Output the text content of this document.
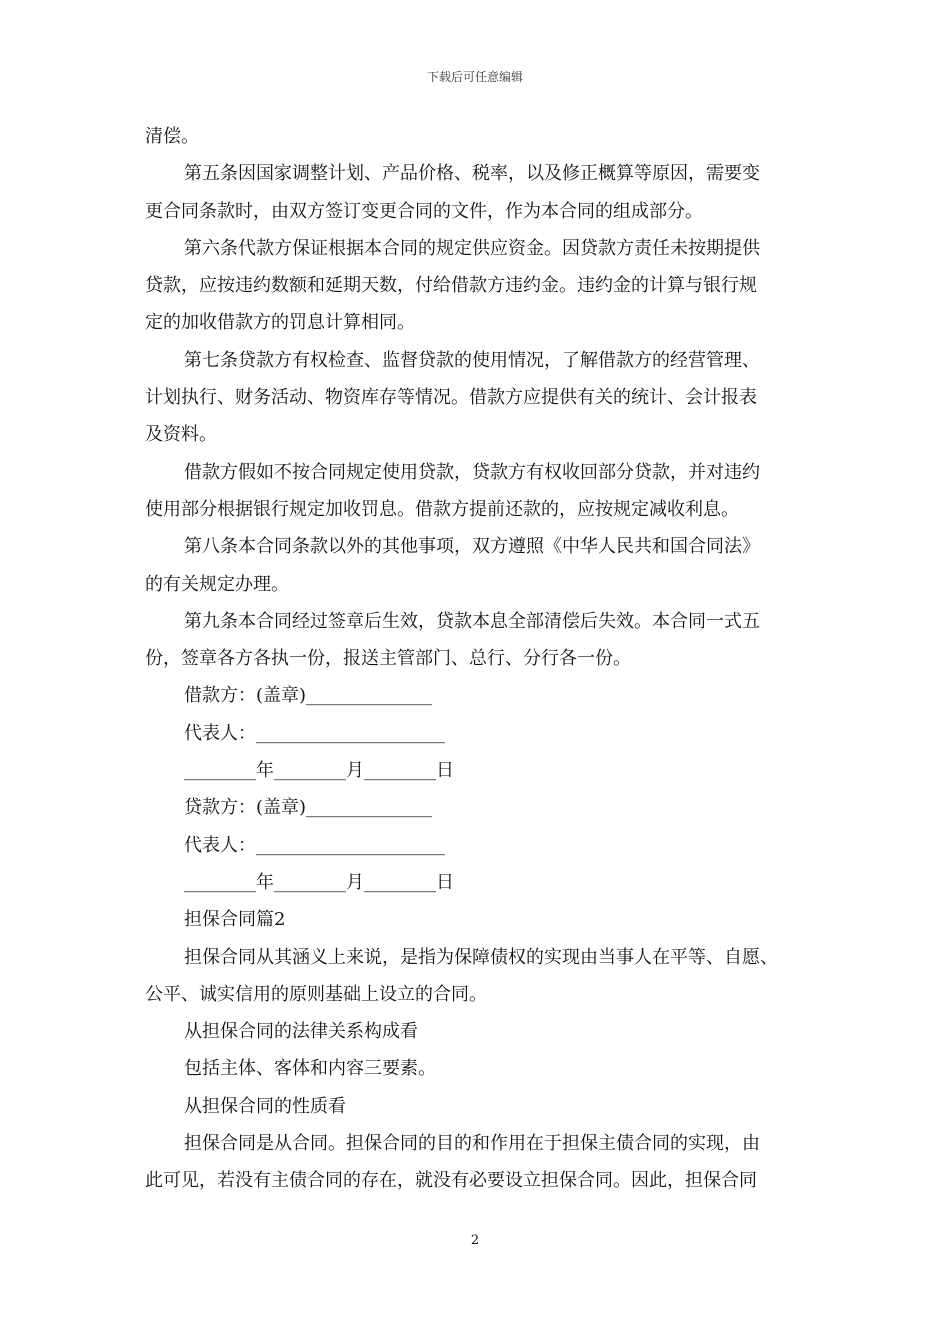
下载后可任意编辑
清偿。
第五条因国家调整计划、产品价格、税率，以及修正概算等原因，需要变
更合同条款时，由双方签订变更合同的文件，作为本合同的组成部分。
第六条代款方保证根据本合同的规定供应资金。因贷款方责任未按期提供
贷款，应按违约数额和延期天数，付给借款方违约金。违约金的计算与银行规
定的加收借款方的罚息计算相同。
第七条贷款方有权检查、监督贷款的使用情况，了解借款方的经营管理、
计划执行、财务活动、物资库存等情况。借款方应提供有关的统计、会计报表
及资料。
借款方假如不按合同规定使用贷款，贷款方有权收回部分贷款，并对违约
使用部分根据银行规定加收罚息。借款方提前还款的，应按规定减收利息。
第八条本合同条款以外的其他事项，双方遵照《中华人民共和国合同法》
的有关规定办理。
第九条本合同经过签章后生效，贷款本息全部清偿后失效。本合同一式五
份，签章各方各执一份，报送主管部门、总行、分行各一份。
借款方：(盖章)______________
代表人：_____________________
________年________月________日
贷款方：(盖章)______________
代表人：_____________________
________年________月________日
担保合同篇2
担保合同从其涵义上来说，是指为保障债权的实现由当事人在平等、自愿、
公平、诚实信用的原则基础上设立的合同。
从担保合同的法律关系构成看
包括主体、客体和内容三要素。
从担保合同的性质看
担保合同是从合同。担保合同的目的和作用在于担保主债合同的实现，由
此可见，若没有主债合同的存在，就没有必要设立担保合同。因此，担保合同
2
